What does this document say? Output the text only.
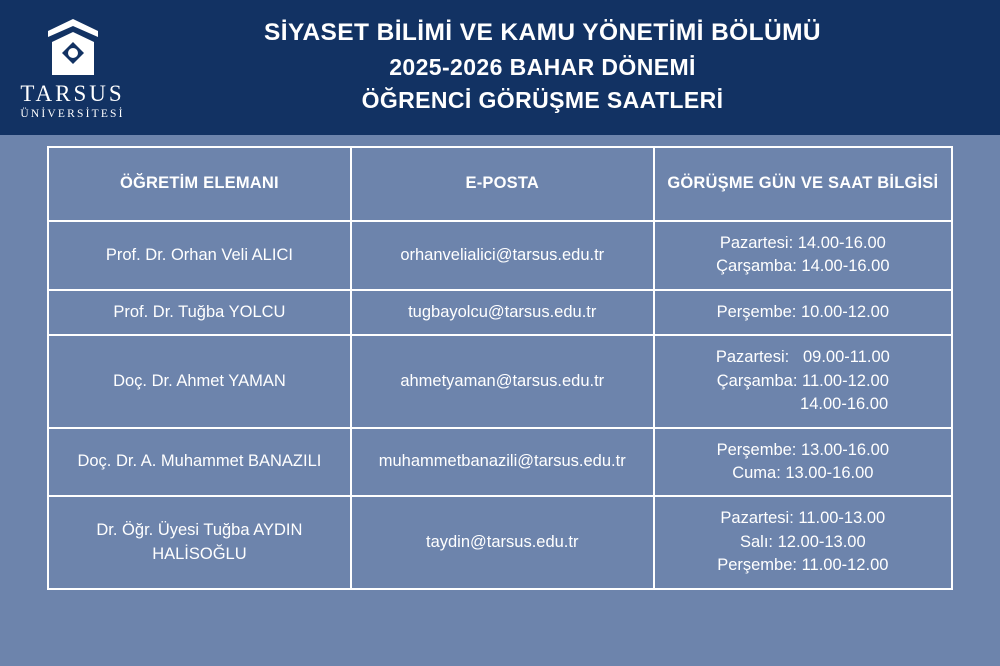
TARSUS
ÜNİVERSİTESİ
SİYASET BİLİMİ VE KAMU YÖNETİMİ BÖLÜMÜ
2025-2026 BAHAR DÖNEMİ
ÖĞRENCİ GÖRÜŞME SAATLERİ
ÖĞRETİM ELEMANI	E-POSTA	GÖRÜŞME GÜN VE SAAT BİLGİSİ
Prof. Dr. Orhan Veli ALICI	orhanvelialici@tarsus.edu.tr	Pazartesi: 14.00-16.00
Çarşamba: 14.00-16.00

Prof. Dr. Tuğba YOLCU	tugbayolcu@tarsus.edu.tr	Perşembe: 10.00-12.00

Doç. Dr. Ahmet YAMAN	ahmetyaman@tarsus.edu.tr	Pazartesi:   09.00-11.00
Çarşamba: 11.00-12.00
14.00-16.00

Doç. Dr. A. Muhammet BANAZILI	muhammetbanazili@tarsus.edu.tr	Perşembe: 13.00-16.00
Cuma: 13.00-16.00

Dr. Öğr. Üyesi Tuğba AYDIN HALİSOĞLU	taydin@tarsus.edu.tr	Pazartesi: 11.00-13.00
Salı: 12.00-13.00
Perşembe: 11.00-12.00
